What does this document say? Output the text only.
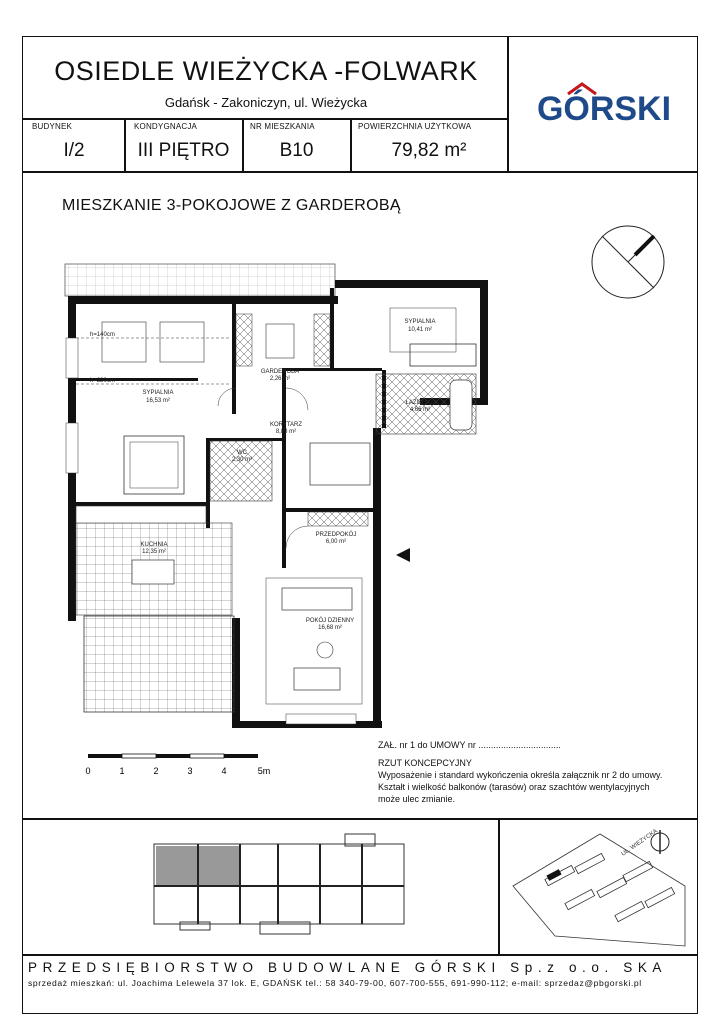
OSIEDLE WIEŻYCKA -FOLWARK
Gdańsk - Zakoniczyn, ul. Wieżycka	GÓRSKI
BUDYNEK	KONDYGNACJA	NR MIESZKANIA	POWIERZCHNIA UŻYTKOWA
I/2	III PIĘTRO	B10	79,82 m²
MIESZKANIE 3-POKOJOWE Z GARDEROBĄ
SYPIALNIA
16,53 m²
SYPIALNIA
10,41 m²
GARDEROBA
2,26 m²
KORYTARZ
8,88 m²
ŁAZIENKA
4,66 m²
WC
2,30 m²
KUCHNIA
12,35 m²
PRZEDPOKÓJ
6,00 m²
POKÓJ DZIENNY
16,68 m²
h=140cm
h=220cm
0	1	2	3	4	5m
ZAŁ. nr 1 do UMOWY nr .................................
RZUT KONCEPCYJNY
Wyposażenie i standard wykończenia określa załącznik nr 2 do umowy.
Kształt i wielkość balkonów (tarasów) oraz szachtów wentylacyjnych
może ulec zmianie.
UL. WIEŻYCKA
PRZEDSIĘBIORSTWO BUDOWLANE GÓRSKI Sp.z o.o. SKA
sprzedaż mieszkań: ul. Joachima Lelewela 37 lok. E, GDAŃSK tel.: 58 340-79-00, 607-700-555, 691-990-112; e-mail: sprzedaz@pbgorski.pl
